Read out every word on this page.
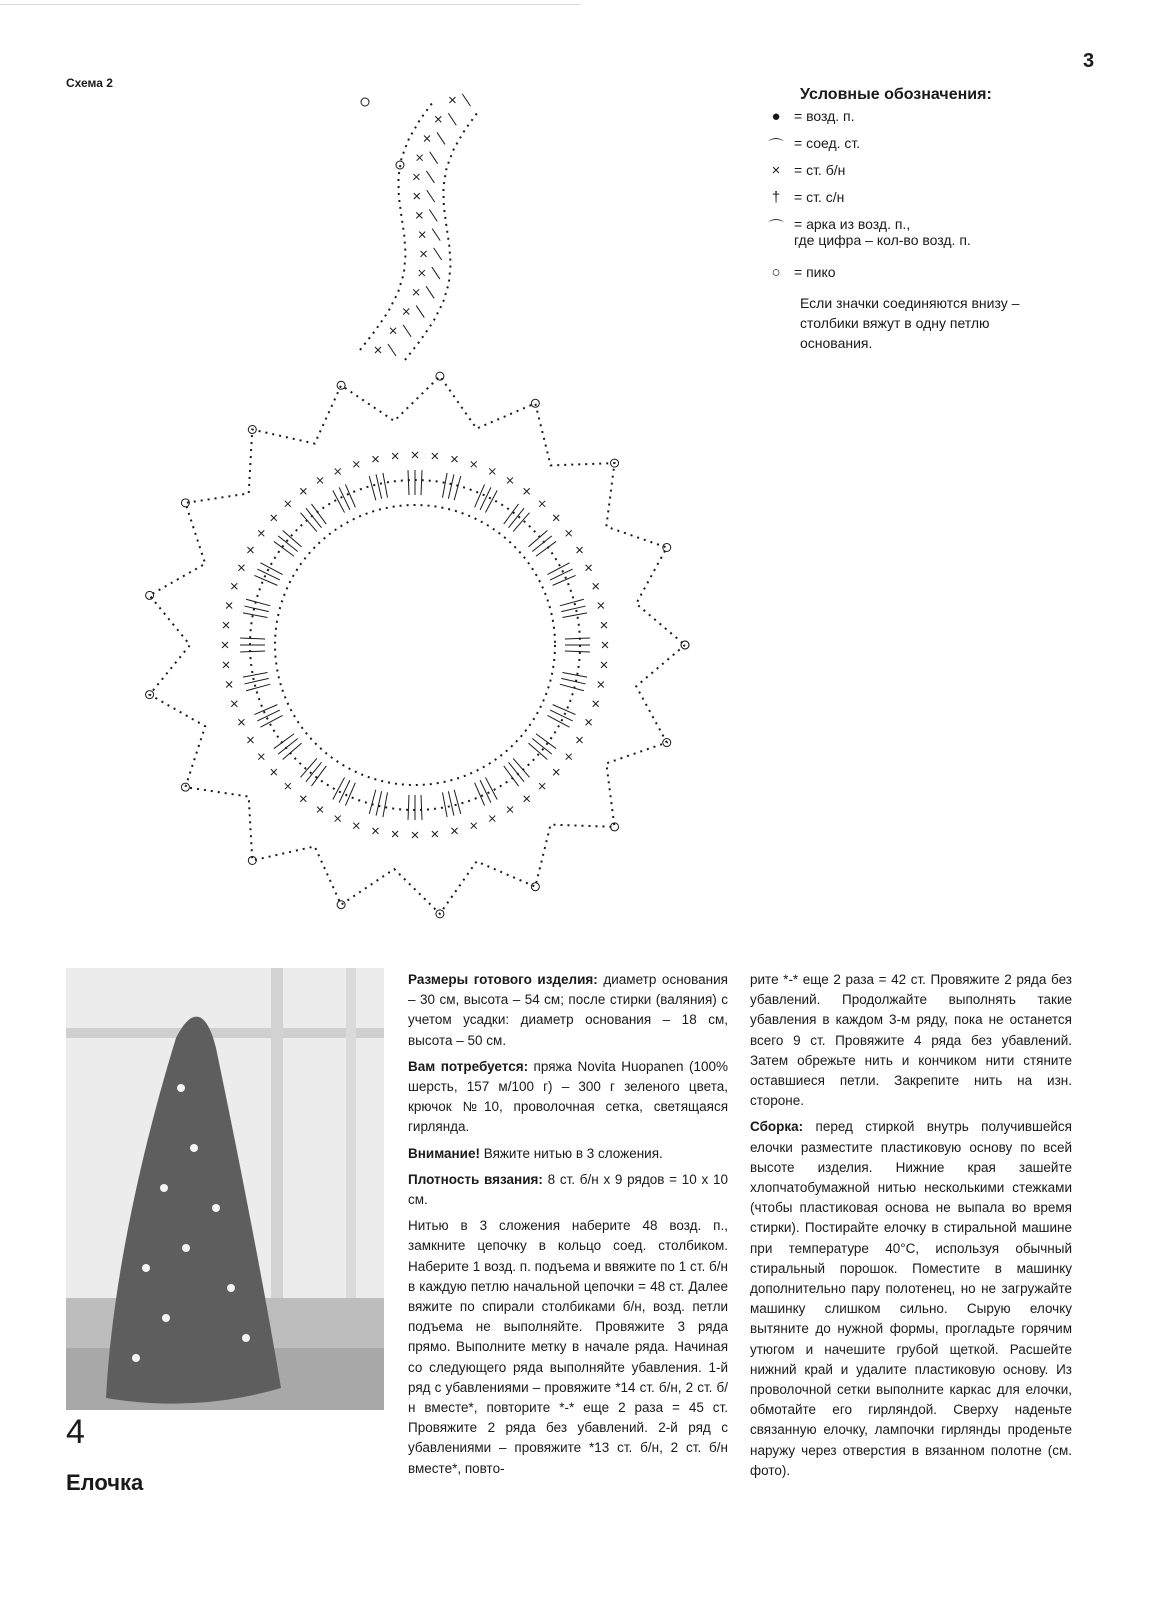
Схема 2
3
Условные обозначения:
● = возд. п.
⌒ = соед. ст.
× = ст. б/н
† = ст. с/н
⌒ = арка из возд. п.,
где цифра – кол-во возд. п.
○ = пико
Если значки соединяются внизу – столбики вяжут в одну петлю основания.
4
Елочка

Размеры готового изделия: диаметр основания – 30 см, высота – 54 см; после стирки (валяния) с учетом усадки: диаметр основания – 18 см, высота – 50 см.

Вам потребуется: пряжа Novita Huopanen (100% шерсть, 157 м/100 г) – 300 г зеленого цвета, крючок №10, проволочная сетка, светящаяся гирлянда.

Внимание! Вяжите нитью в 3 сложения.

Плотность вязания: 8 ст. б/н х 9 рядов = 10 х 10 см.

Нитью в 3 сложения наберите 48 возд. п., замкните цепочку в кольцо соед. столбиком. Наберите 1 возд. п. подъема и ввяжите по 1 ст. б/н в каждую петлю начальной цепочки = 48 ст. Далее вяжите по спирали столбиками б/н, возд. петли подъема не выполняйте. Провяжите 3 ряда прямо. Выполните метку в начале ряда. Начиная со следующего ряда выполняйте убавления. 1-й ряд с убавлениями – провяжите *14 ст. б/н, 2 ст. б/н вместе*, повторите *-* еще 2 раза = 45 ст. Провяжите 2 ряда без убавлений. 2-й ряд с убавлениями – провяжите *13 ст. б/н, 2 ст. б/н вместе*, повто-

рите *-* еще 2 раза = 42 ст. Провяжите 2 ряда без убавлений. Продолжайте выполнять такие убавления в каждом 3-м ряду, пока не останется всего 9 ст. Провяжите 4 ряда без убавлений. Затем обрежьте нить и кончиком нити стяните оставшиеся петли. Закрепите нить на изн. стороне.

Сборка: перед стиркой внутрь получившейся елочки разместите пластиковую основу по всей высоте изделия. Нижние края зашейте хлопчатобумажной нитью несколькими стежками (чтобы пластиковая основа не выпала во время стирки). Постирайте елочку в стиральной машине при температуре 40°С, используя обычный стиральный порошок. Поместите в машинку дополнительно пару полотенец, но не загружайте машинку слишком сильно. Сырую елочку вытяните до нужной формы, прогладьте горячим утюгом и начешите грубой щеткой. Расшейте нижний край и удалите пластиковую основу. Из проволочной сетки выполните каркас для елочки, обмотайте его гирляндой. Сверху наденьте связанную елочку, лампочки гирлянды проденьте наружу через отверстия в вязанном полотне (см. фото).
